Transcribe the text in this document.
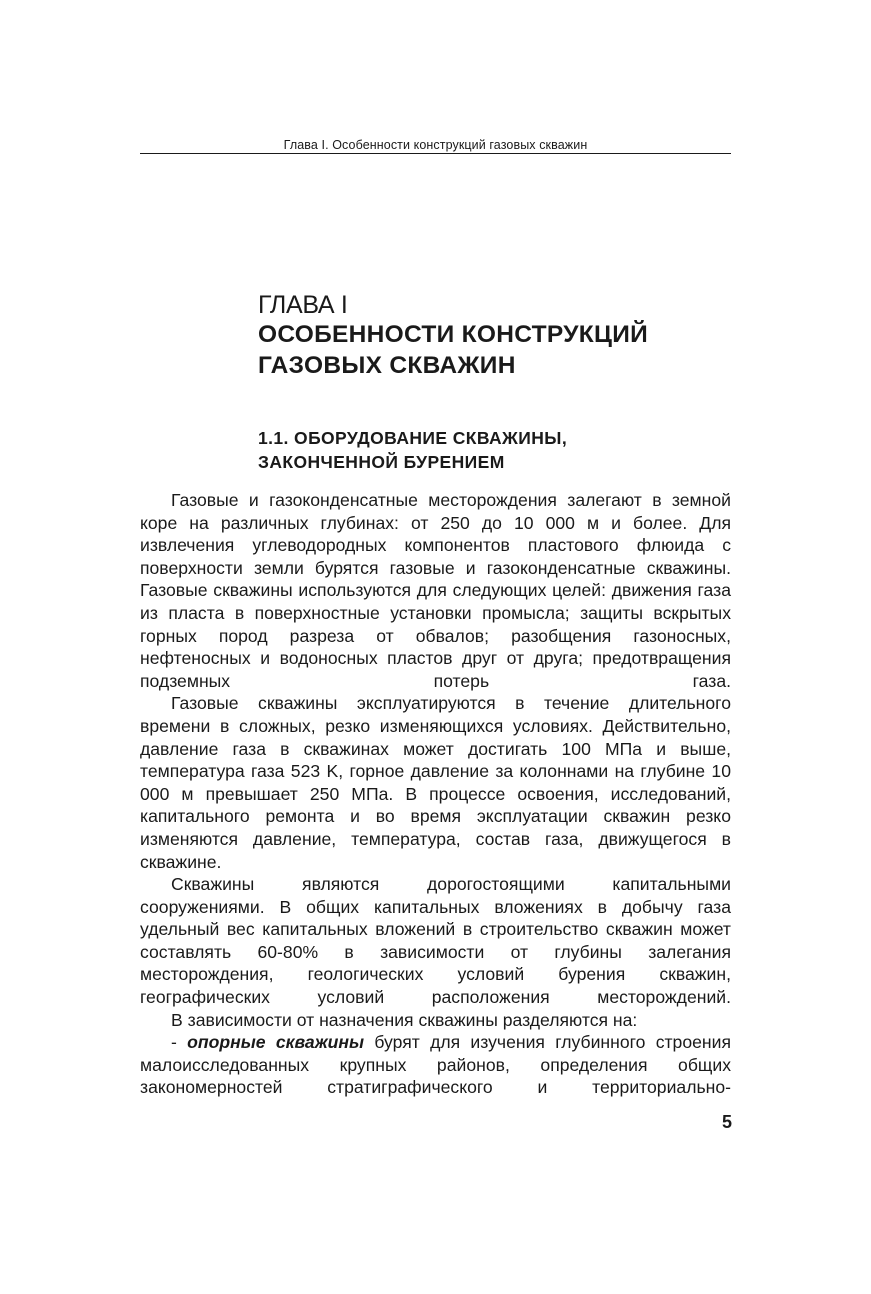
Глава I. Особенности конструкций газовых скважин
ГЛАВА I
ОСОБЕННОСТИ КОНСТРУКЦИЙ
ГАЗОВЫХ СКВАЖИН
1.1. ОБОРУДОВАНИЕ СКВАЖИНЫ,
ЗАКОНЧЕННОЙ БУРЕНИЕМ

Газовые и газоконденсатные месторождения залегают в земной коре на различных глубинах: от 250 до 10 000 м и более. Для извлечения углеводородных компонентов пластового флюида с поверхности земли бурятся газовые и газоконденсатные скважины. Газовые скважины используются для следующих целей: движения газа из пласта в поверхностные установки промысла; защиты вскрытых горных пород разреза от обвалов; разобщения газоносных, нефтеносных и водоносных пластов друг от друга; предотвращения подземных потерь газа.

Газовые скважины эксплуатируются в течение длительного времени в сложных, резко изменяющихся условиях. Действительно, давление газа в скважинах может достигать 100 МПа и выше, температура газа 523 K, горное давление за колоннами на глубине 10 000 м превышает 250 МПа. В процессе освоения, исследований, капитального ремонта и во время эксплуатации скважин резко изменяются давление, температура, состав газа, движущегося в скважине.

Скважины являются дорогостоящими капитальными сооружениями. В общих капитальных вложениях в добычу газа удельный вес капитальных вложений в строительство скважин может составлять 60-80% в зависимости от глубины залегания месторождения, геологических условий бурения скважин, географических условий расположения месторождений.

В зависимости от назначения скважины разделяются на:

- опорные скважины бурят для изучения глубинного строения малоисследованных крупных районов, определения общих закономерностей стратиграфического и территориально-

5
